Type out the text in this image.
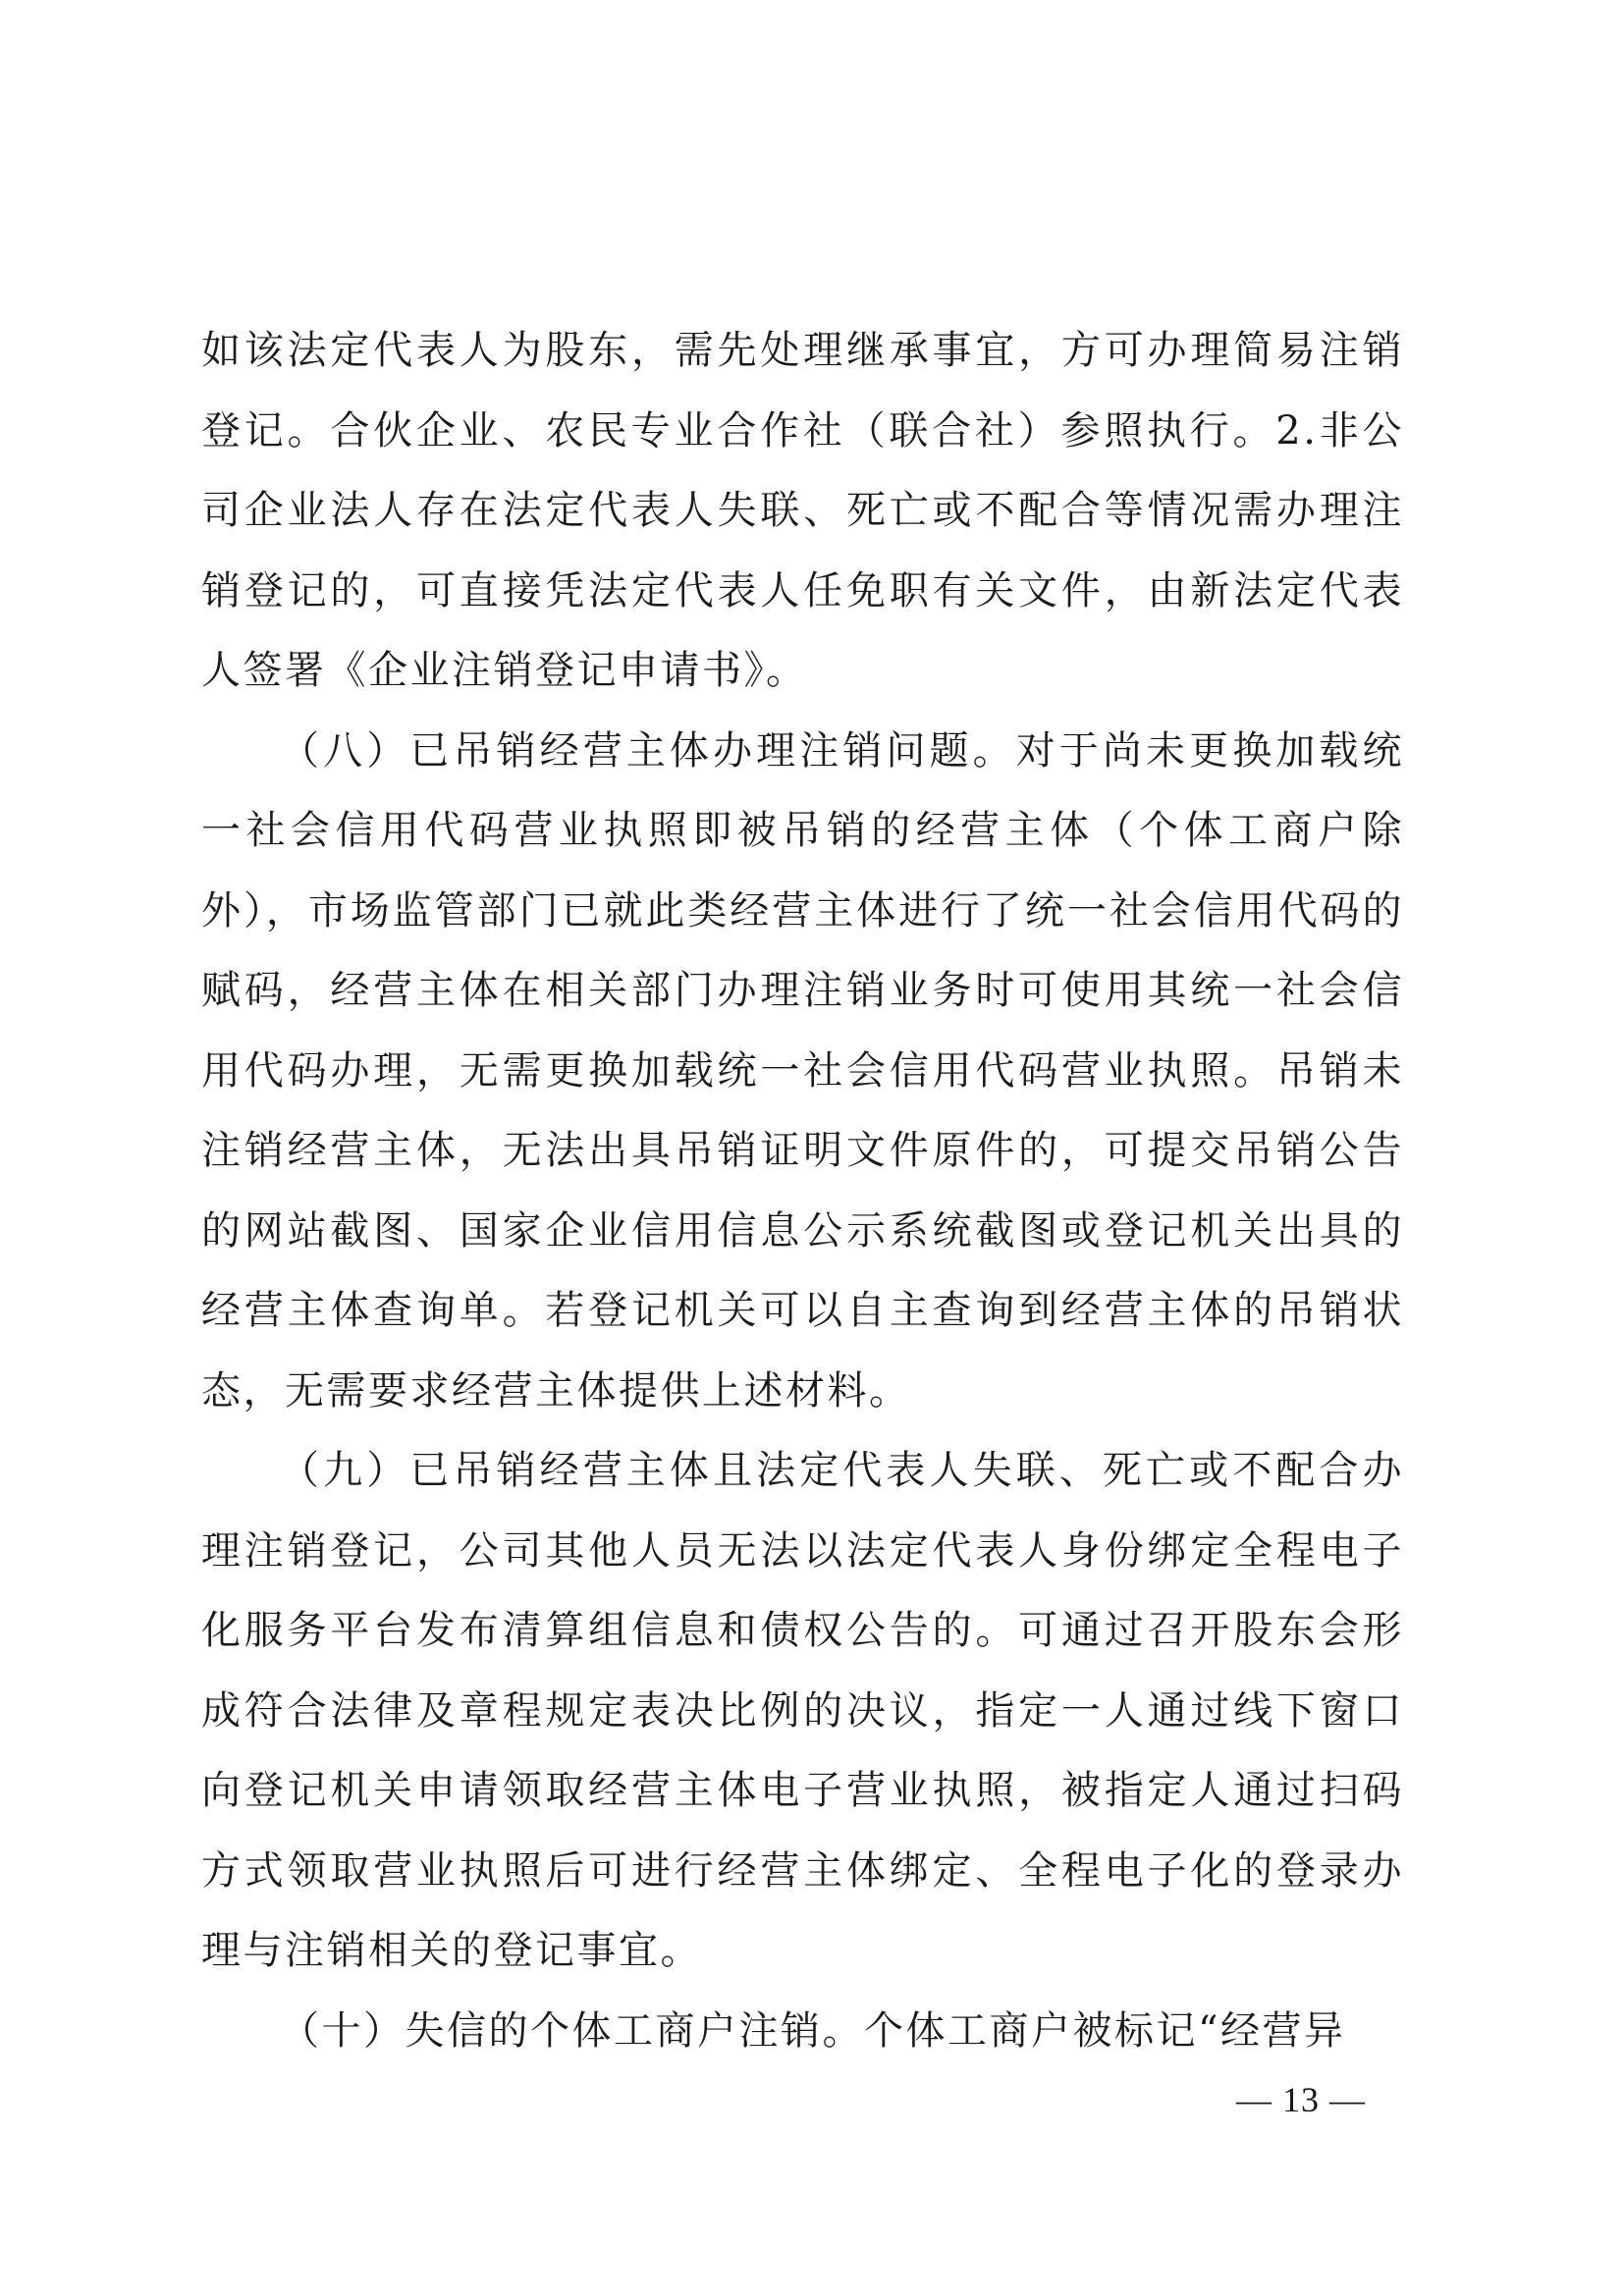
如该法定代表人为股东，需先处理继承事宜，方可办理简易注销登记。合伙企业、农民专业合作社（联合社）参照执行。2.非公司企业法人存在法定代表人失联、死亡或不配合等情况需办理注销登记的，可直接凭法定代表人任免职有关文件，由新法定代表人签署《企业注销登记申请书》。

（八）已吊销经营主体办理注销问题。对于尚未更换加载统一社会信用代码营业执照即被吊销的经营主体（个体工商户除外），市场监管部门已就此类经营主体进行了统一社会信用代码的赋码，经营主体在相关部门办理注销业务时可使用其统一社会信用代码办理，无需更换加载统一社会信用代码营业执照。吊销未注销经营主体，无法出具吊销证明文件原件的，可提交吊销公告的网站截图、国家企业信用信息公示系统截图或登记机关出具的经营主体查询单。若登记机关可以自主查询到经营主体的吊销状态，无需要求经营主体提供上述材料。

（九）已吊销经营主体且法定代表人失联、死亡或不配合办理注销登记，公司其他人员无法以法定代表人身份绑定全程电子化服务平台发布清算组信息和债权公告的。可通过召开股东会形成符合法律及章程规定表决比例的决议，指定一人通过线下窗口向登记机关申请领取经营主体电子营业执照，被指定人通过扫码方式领取营业执照后可进行经营主体绑定、全程电子化的登录办理与注销相关的登记事宜。

（十）失信的个体工商户注销。个体工商户被标记“经营异

— 13 —
